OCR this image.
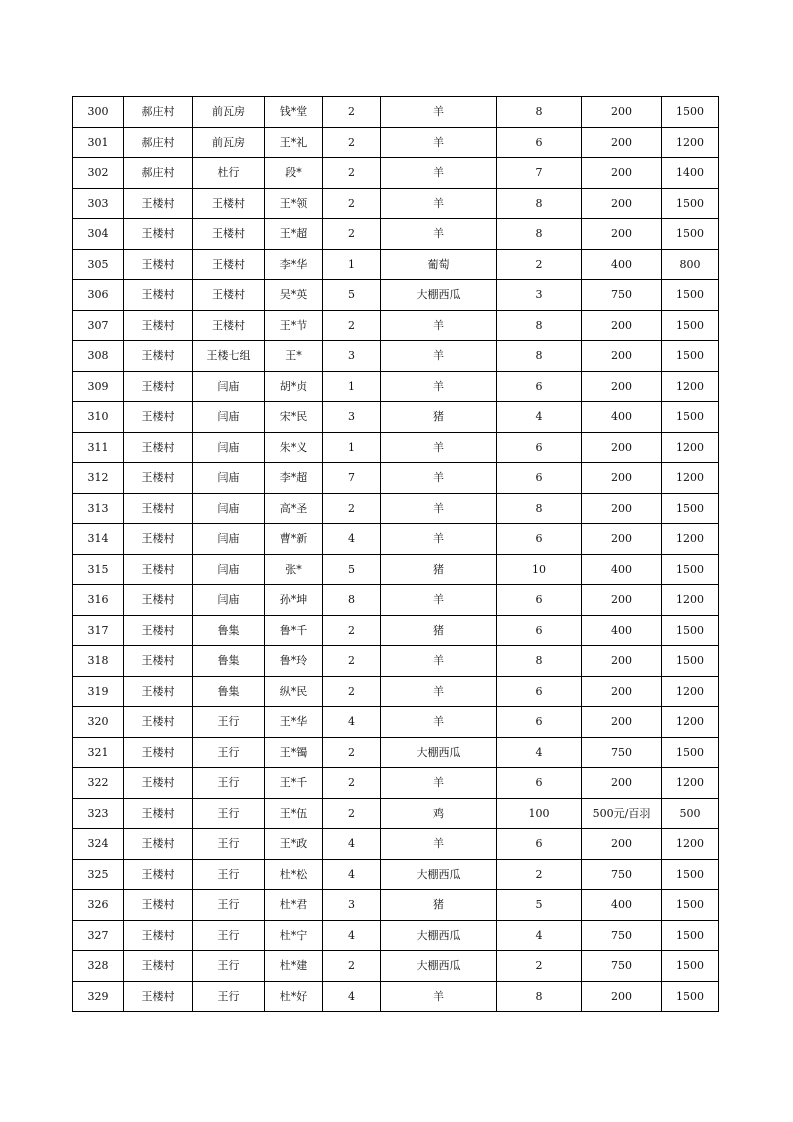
300	郝庄村	前瓦房	钱*堂	2	羊	8	200	1500
301	郝庄村	前瓦房	王*礼	2	羊	6	200	1200
302	郝庄村	杜行	段*	2	羊	7	200	1400
303	王楼村	王楼村	王*领	2	羊	8	200	1500
304	王楼村	王楼村	王*超	2	羊	8	200	1500
305	王楼村	王楼村	李*华	1	葡萄	2	400	800
306	王楼村	王楼村	吴*英	5	大棚西瓜	3	750	1500
307	王楼村	王楼村	王*节	2	羊	8	200	1500
308	王楼村	王楼七组	王*	3	羊	8	200	1500
309	王楼村	闫庙	胡*贞	1	羊	6	200	1200
310	王楼村	闫庙	宋*民	3	猪	4	400	1500
311	王楼村	闫庙	朱*义	1	羊	6	200	1200
312	王楼村	闫庙	李*超	7	羊	6	200	1200
313	王楼村	闫庙	高*圣	2	羊	8	200	1500
314	王楼村	闫庙	曹*新	4	羊	6	200	1200
315	王楼村	闫庙	张*	5	猪	10	400	1500
316	王楼村	闫庙	孙*坤	8	羊	6	200	1200
317	王楼村	鲁集	鲁*千	2	猪	6	400	1500
318	王楼村	鲁集	鲁*玲	2	羊	8	200	1500
319	王楼村	鲁集	纵*民	2	羊	6	200	1200
320	王楼村	王行	王*华	4	羊	6	200	1200
321	王楼村	王行	王*镯	2	大棚西瓜	4	750	1500
322	王楼村	王行	王*千	2	羊	6	200	1200
323	王楼村	王行	王*伍	2	鸡	100	500元/百羽	500
324	王楼村	王行	王*政	4	羊	6	200	1200
325	王楼村	王行	杜*松	4	大棚西瓜	2	750	1500
326	王楼村	王行	杜*君	3	猪	5	400	1500
327	王楼村	王行	杜*宁	4	大棚西瓜	4	750	1500
328	王楼村	王行	杜*建	2	大棚西瓜	2	750	1500
329	王楼村	王行	杜*好	4	羊	8	200	1500
